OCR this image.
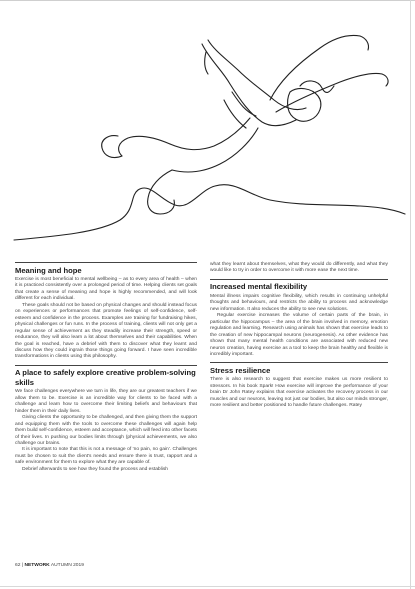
Meaning and hope

Exercise is most beneficial to mental wellbeing – as to every area of health – when it is practiced consistently over a prolonged period of time. Helping clients set goals that create a sense of meaning and hope is highly recommended, and will look different for each individual.

These goals should not be based on physical changes and should instead focus on experiences or performances that promote feelings of self-confidence, self-esteem and confidence in the process. Examples are training for fundraising hikes, physical challenges or fun runs. In the process of training, clients will not only get a regular sense of achievement as they steadily increase their strength, speed or endurance, they will also learn a lot about themselves and their capabilities. When the goal is reached, have a debrief with them to discover what they learnt and discuss how they could ingrain those things going forward. I have seen incredible transformations in clients using this philosophy.

A place to safely explore creative problem-solving skills

We face challenges everywhere we turn in life, they are our greatest teachers if we allow them to be. Exercise is an incredible way for clients to be faced with a challenge and learn how to overcome their limiting beliefs and behaviours that hinder them in their daily lives.

Giving clients the opportunity to be challenged, and then giving them the support and equipping them with the tools to overcome these challenges will again help them build self-confidence, esteem and acceptance, which will feed into other facets of their lives. In pushing our bodies limits through (physical achievements, we also challenge our brains.

It is important to note that this is not a message of 'no pain, no gain'. Challenges must be chosen to suit the client's needs and ensure there is trust, rapport and a safe environment for them to explore what they are capable of.

Debrief afterwards to see how they found the process and establish

what they learnt about themselves, what they would do differently, and what they would like to try in order to overcome it with more ease the next time.

Increased mental flexibility

Mental illness impairs cognitive flexibility, which results in continuing unhelpful thoughts and behaviours, and restricts the ability to process and acknowledge new information. It also reduces the ability to see new solutions.

Regular exercise increases the volume of certain parts of the brain, in particular the hippocampus – the area of the brain involved in memory, emotion regulation and learning. Research using animals has shown that exercise leads to the creation of new hippocampal neurons (neurogenesis). As other evidence has shown that many mental health conditions are associated with reduced new neuron creation, having exercise as a tool to keep the brain healthy and flexible is incredibly important.

Stress resilience

There is also research to suggest that exercise makes us more resilient to stressors. In his book Spark! How exercise will improve the performance of your brain Dr John Ratey explains that exercise activates the recovery process in our muscles and our neurons, leaving not just our bodies, but also our minds stronger, more resilient and better positioned to handle future challenges. Ratey

62 | NETWORK AUTUMN 2019
